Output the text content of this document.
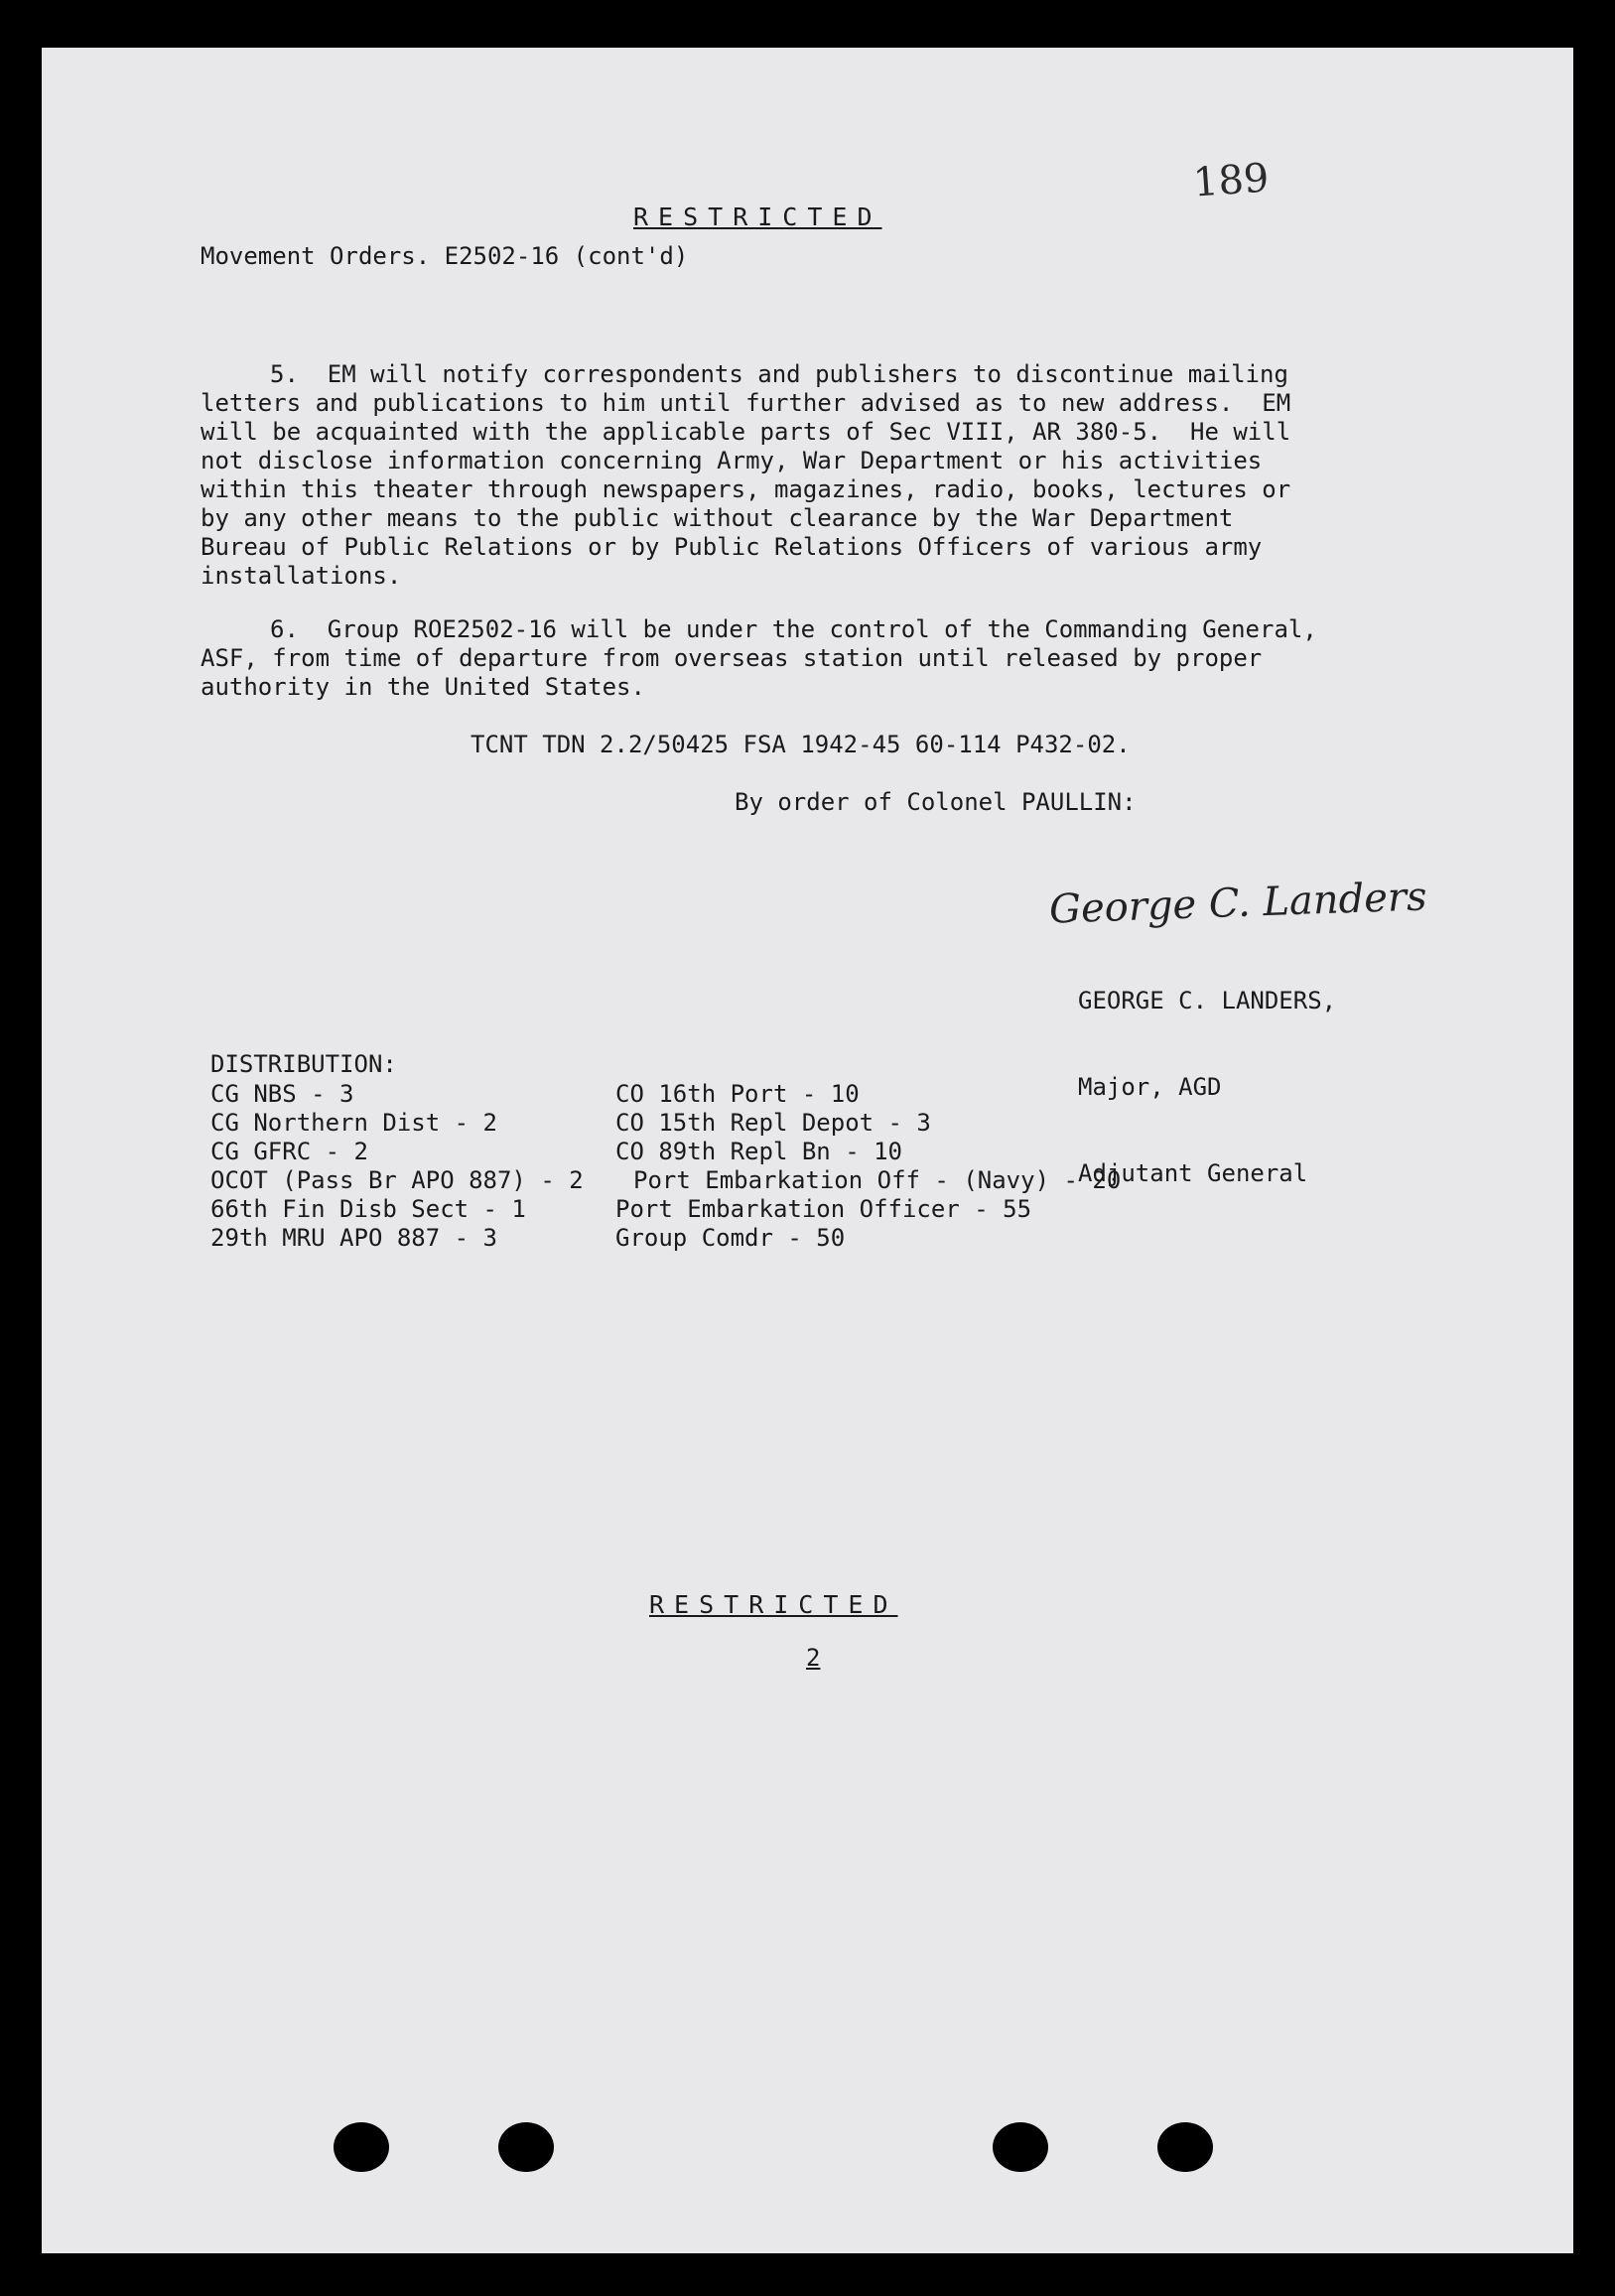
RESTRICTED
189
Movement Orders. E2502-16 (cont'd)
5.  EM will notify correspondents and publishers to discontinue mailing
letters and publications to him until further advised as to new address.  EM
will be acquainted with the applicable parts of Sec VIII, AR 380-5.  He will
not disclose information concerning Army, War Department or his activities
within this theater through newspapers, magazines, radio, books, lectures or
by any other means to the public without clearance by the War Department
Bureau of Public Relations or by Public Relations Officers of various army
installations.
6.  Group ROE2502-16 will be under the control of the Commanding General,
ASF, from time of departure from overseas station until released by proper
authority in the United States.
TCNT TDN 2.2/50425 FSA 1942-45 60-114 P432-02.
By order of Colonel PAULLIN:
George C. Landers

GEORGE C. LANDERS,

Major, AGD

Adjutant General

DISTRIBUTION:
CG NBS - 3
CG Northern Dist - 2
CG GFRC - 2
OCOT (Pass Br APO 887) - 2
66th Fin Disb Sect - 1
29th MRU APO 887 - 3
CO 16th Port - 10
CO 15th Repl Depot - 3
CO 89th Repl Bn - 10
Port Embarkation Off - (Navy) - 20
Port Embarkation Officer - 55
Group Comdr - 50
RESTRICTED
2
